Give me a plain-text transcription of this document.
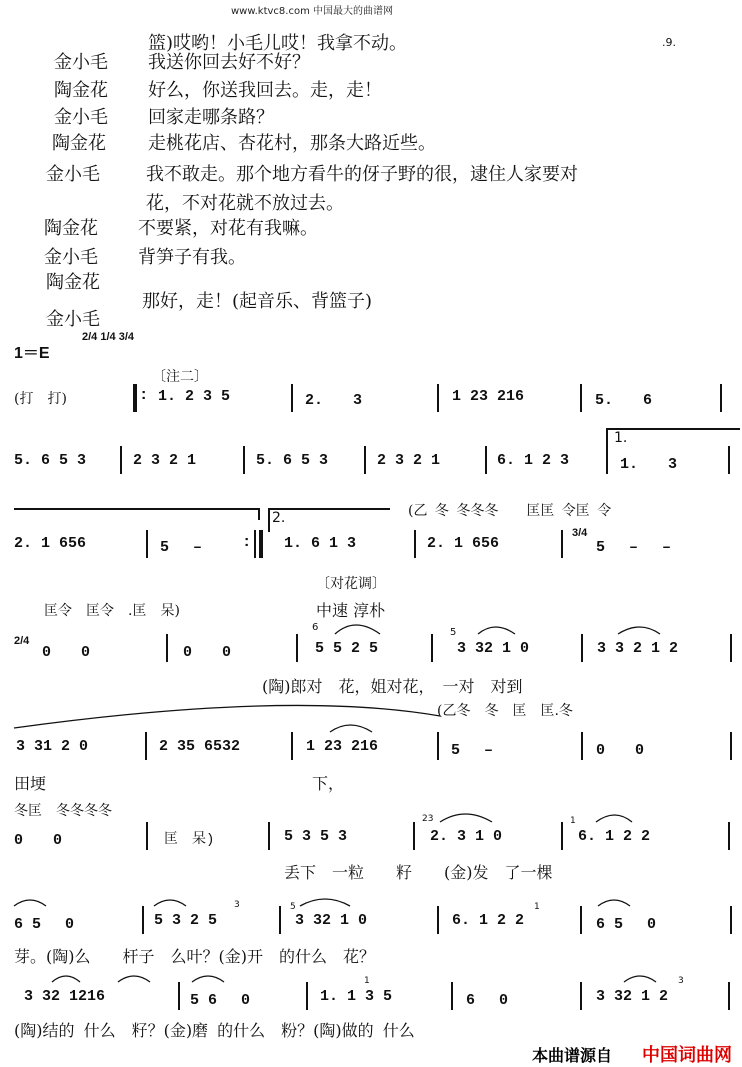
www.ktvc8.com 中国最大的曲谱网
.9.
篮)哎哟！小毛儿哎！我拿不动。
金小毛 我送你回去好不好？
陶金花 好么，你送我回去。走，走！
金小毛 回家走哪条路？
陶金花 走桃花店、杏花村，那条大路近些。
金小毛	我不敢走。那个地方看牛的伢子野的很，逮住人家要对
花，不对花就不放过去。
陶金花 不要紧，对花有我嘛。
金小毛 背笋子有我。
陶金花
那好，走！(起音乐、背篮子)
金小毛
1＝E
2/4 1/4 3/4
〔注二〕
(打　打)	: 1. 2 3 5	2.　　3	1 23 216	5.　　6
5. 6 5 3	2 3 2 1	5. 6 5 3	2 3 2 1	6. 1 2 3
1.
1.　　3
2.	(乙 冬 冬冬冬　　匡匡 令匡 令
2. 1 656	5　 –	: 1. 6 1 3	2. 1 656
3/4
5　 –　 –
〔对花调〕
匡令　匡令　.匡　呆)	中速 淳朴
2/4
0　　0	0　　0	5 5 2 5	3 32 1 0	3 3 2 1 2
6	5
(陶)郎对　花，姐对花，　一对　对到
(乙冬　冬　匡　匡.冬
3 31 2 0	2 35 6532	1 23 216	5　 –	0　　0
田埂	下，
冬匡　冬冬冬冬
0　　0	匡　呆)	5 3 5 3	2. 3 1 0	6. 1 2 2
23	1
丢下　一粒　　籽　　(金)发　了一棵
6 5　 0	5 3 2 5	3 32 1 0	6. 1 2 2	6 5　 0
3	5	1
芽。(陶)么　　杆子　么叶？(金)开　的什么　花？
3 32 1216	5 6　 0	1. 1 3 5	6　 0	3 32 1 2
1	3
(陶)结的 什么　籽？(金)磨 的什么　粉？(陶)做的 什么
本曲谱源自 中国词曲网
